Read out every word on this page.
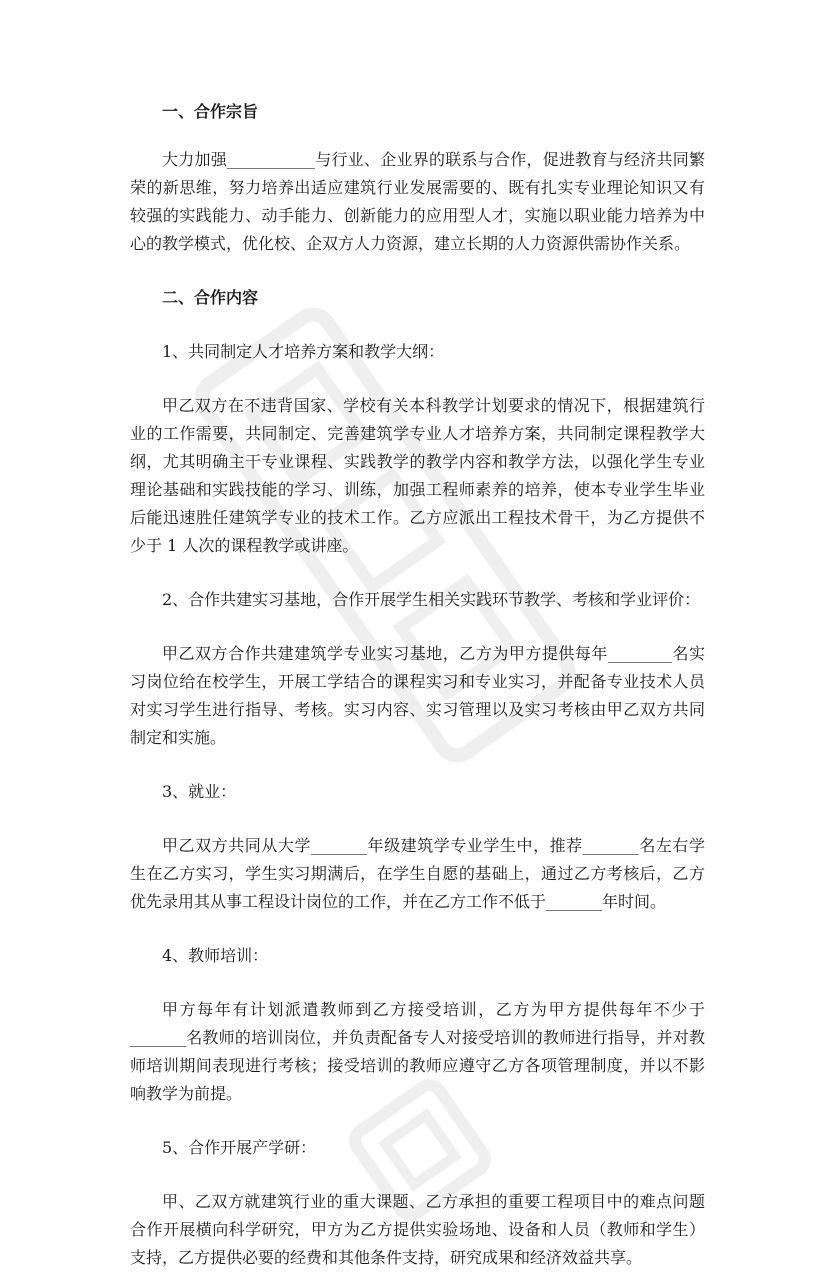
一、合作宗旨

大力加强___________与行业、企业界的联系与合作，促进教育与经济共同繁荣的新思维，努力培养出适应建筑行业发展需要的、既有扎实专业理论知识又有较强的实践能力、动手能力、创新能力的应用型人才，实施以职业能力培养为中心的教学模式，优化校、企双方人力资源，建立长期的人力资源供需协作关系。

二、合作内容

1、共同制定人才培养方案和教学大纲：

甲乙双方在不违背国家、学校有关本科教学计划要求的情况下，根据建筑行业的工作需要，共同制定、完善建筑学专业人才培养方案，共同制定课程教学大纲，尤其明确主干专业课程、实践教学的教学内容和教学方法，以强化学生专业理论基础和实践技能的学习、训练，加强工程师素养的培养，使本专业学生毕业后能迅速胜任建筑学专业的技术工作。乙方应派出工程技术骨干，为乙方提供不少于 1 人次的课程教学或讲座。

2、合作共建实习基地，合作开展学生相关实践环节教学、考核和学业评价：

甲乙双方合作共建建筑学专业实习基地，乙方为甲方提供每年________名实习岗位给在校学生，开展工学结合的课程实习和专业实习，并配备专业技术人员对实习学生进行指导、考核。实习内容、实习管理以及实习考核由甲乙双方共同制定和实施。

3、就业：

甲乙双方共同从大学_______年级建筑学专业学生中，推荐_______名左右学生在乙方实习，学生实习期满后，在学生自愿的基础上，通过乙方考核后，乙方优先录用其从事工程设计岗位的工作，并在乙方工作不低于_______年时间。

4、教师培训：

甲方每年有计划派遣教师到乙方接受培训，乙方为甲方提供每年不少于_______名教师的培训岗位，并负责配备专人对接受培训的教师进行指导，并对教师培训期间表现进行考核；接受培训的教师应遵守乙方各项管理制度，并以不影响教学为前提。

5、合作开展产学研：

甲、乙双方就建筑行业的重大课题、乙方承担的重要工程项目中的难点问题合作开展横向科学研究，甲方为乙方提供实验场地、设备和人员（教师和学生）支持，乙方提供必要的经费和其他条件支持，研究成果和经济效益共享。
